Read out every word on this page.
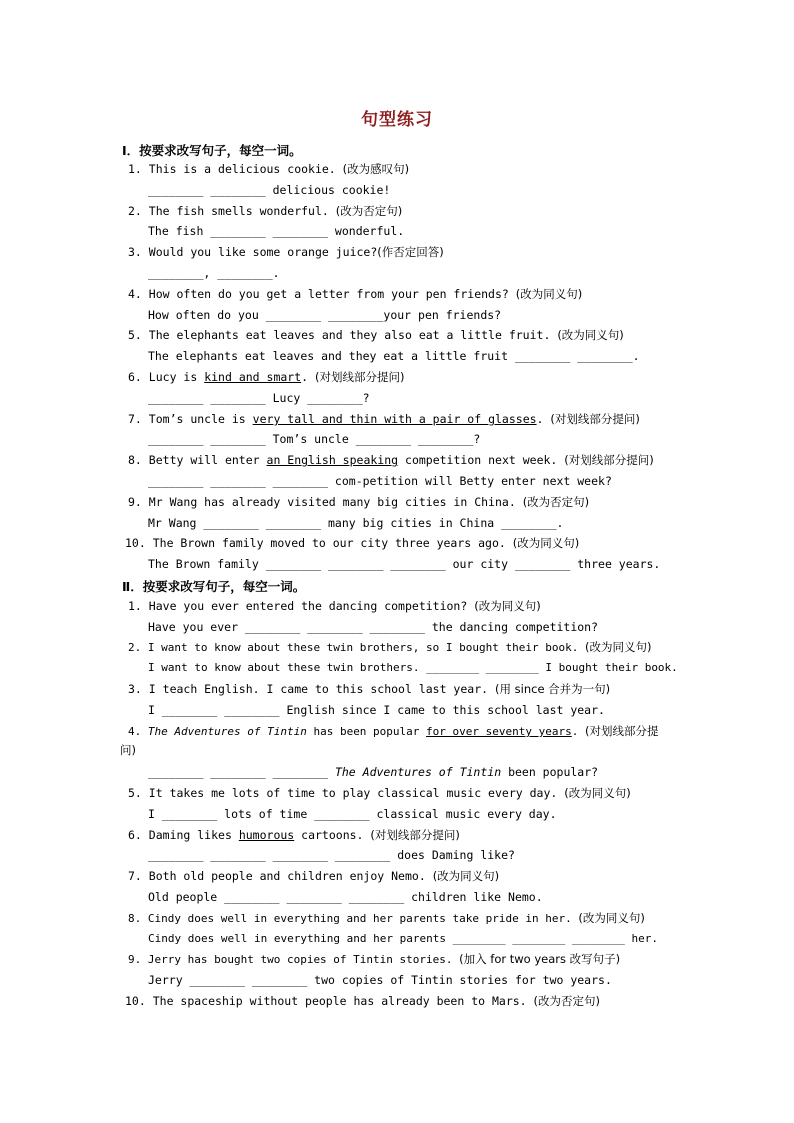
句型练习
Ⅰ．按要求改写句子，每空一词。
1. This is a delicious cookie. (改为感叹句)
________ ________ delicious cookie!
2. The fish smells wonderful. (改为否定句)
The fish ________ ________ wonderful.
3. Would you like some orange juice?(作否定回答)
________, ________.
4. How often do you get a letter from your pen friends? (改为同义句)
How often do you ________ ________your pen friends?
5. The elephants eat leaves and they also eat a little fruit. (改为同义句)
The elephants eat leaves and they eat a little fruit ________ ________.
6. Lucy is kind and smart. (对划线部分提问)
________ ________ Lucy ________?
7. Tom’s uncle is very tall and thin with a pair of glasses. (对划线部分提问)
________ ________ Tom’s uncle ________ ________?
8. Betty will enter an English speaking competition next week. (对划线部分提问)
________ ________ ________ com-petition will Betty enter next week?
9. Mr Wang has already visited many big cities in China. (改为否定句)
Mr Wang ________ ________ many big cities in China ________.
10. The Brown family moved to our city three years ago. (改为同义句)
The Brown family ________ ________ ________ our city ________ three years.
Ⅱ．按要求改写句子，每空一词。
1. Have you ever entered the dancing competition? (改为同义句)
Have you ever ________ ________ ________ the dancing competition?
2. I want to know about these twin brothers, so I bought their book. (改为同义句)
I want to know about these twin brothers. ________ ________ I bought their book.
3. I teach English. I came to this school last year. (用 since 合并为一句)
I ________ ________ English since I came to this school last year.
4. The Adventures of Tintin has been popular for over seventy years. (对划线部分提
问)
________ ________ ________ The Adventures of Tintin been popular?
5. It takes me lots of time to play classical music every day. (改为同义句)
I ________ lots of time ________ classical music every day.
6. Daming likes humorous cartoons. (对划线部分提问)
________ ________ ________ ________ does Daming like?
7. Both old people and children enjoy Nemo. (改为同义句)
Old people ________ ________ ________ children like Nemo.
8. Cindy does well in everything and her parents take pride in her. (改为同义句)
Cindy does well in everything and her parents ________ ________ ________ her.
9. Jerry has bought two copies of Tintin stories. (加入 for two years 改写句子)
Jerry ________ ________ two copies of Tintin stories for two years.
10. The spaceship without people has already been to Mars. (改为否定句)
